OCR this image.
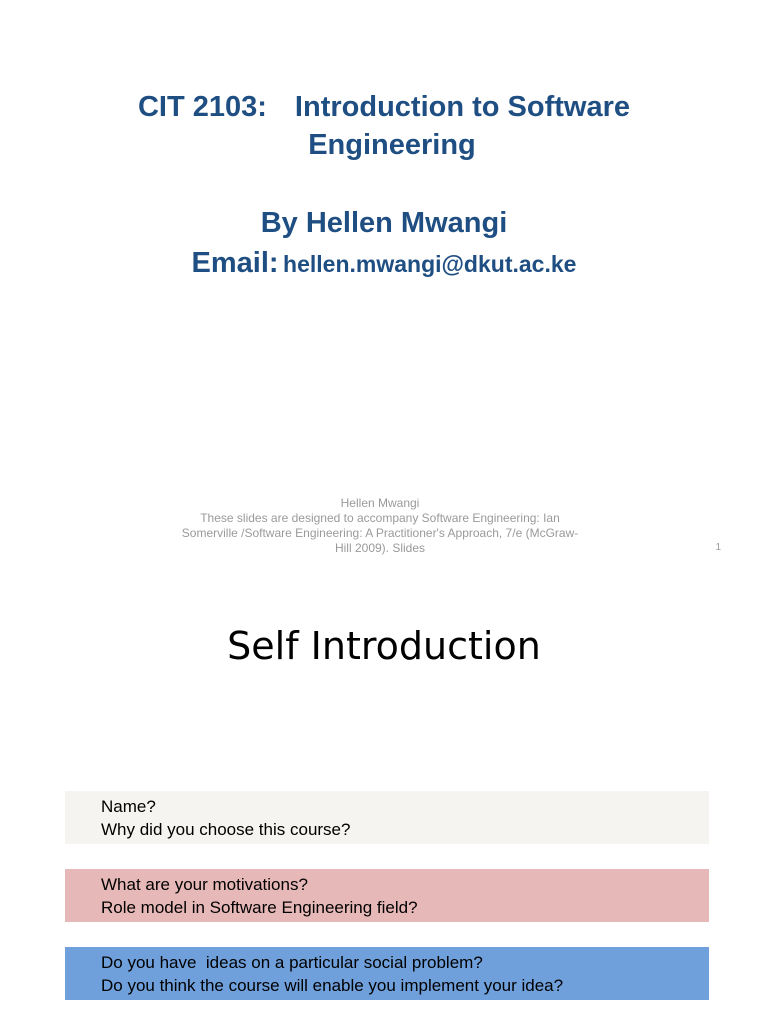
CIT 2103: Introduction to Software
Engineering
By Hellen Mwangi
Email: hellen.mwangi@dkut.ac.ke
Hellen Mwangi
These slides are designed to accompany Software Engineering: Ian
Somerville /Software Engineering: A Practitioner's Approach, 7/e (McGraw-
Hill 2009). Slides	1
Self Introduction
Name?
Why did you choose this course?
What are your motivations?
Role model in Software Engineering field?
Do you have  ideas on a particular social problem?
Do you think the course will enable you implement your idea?
